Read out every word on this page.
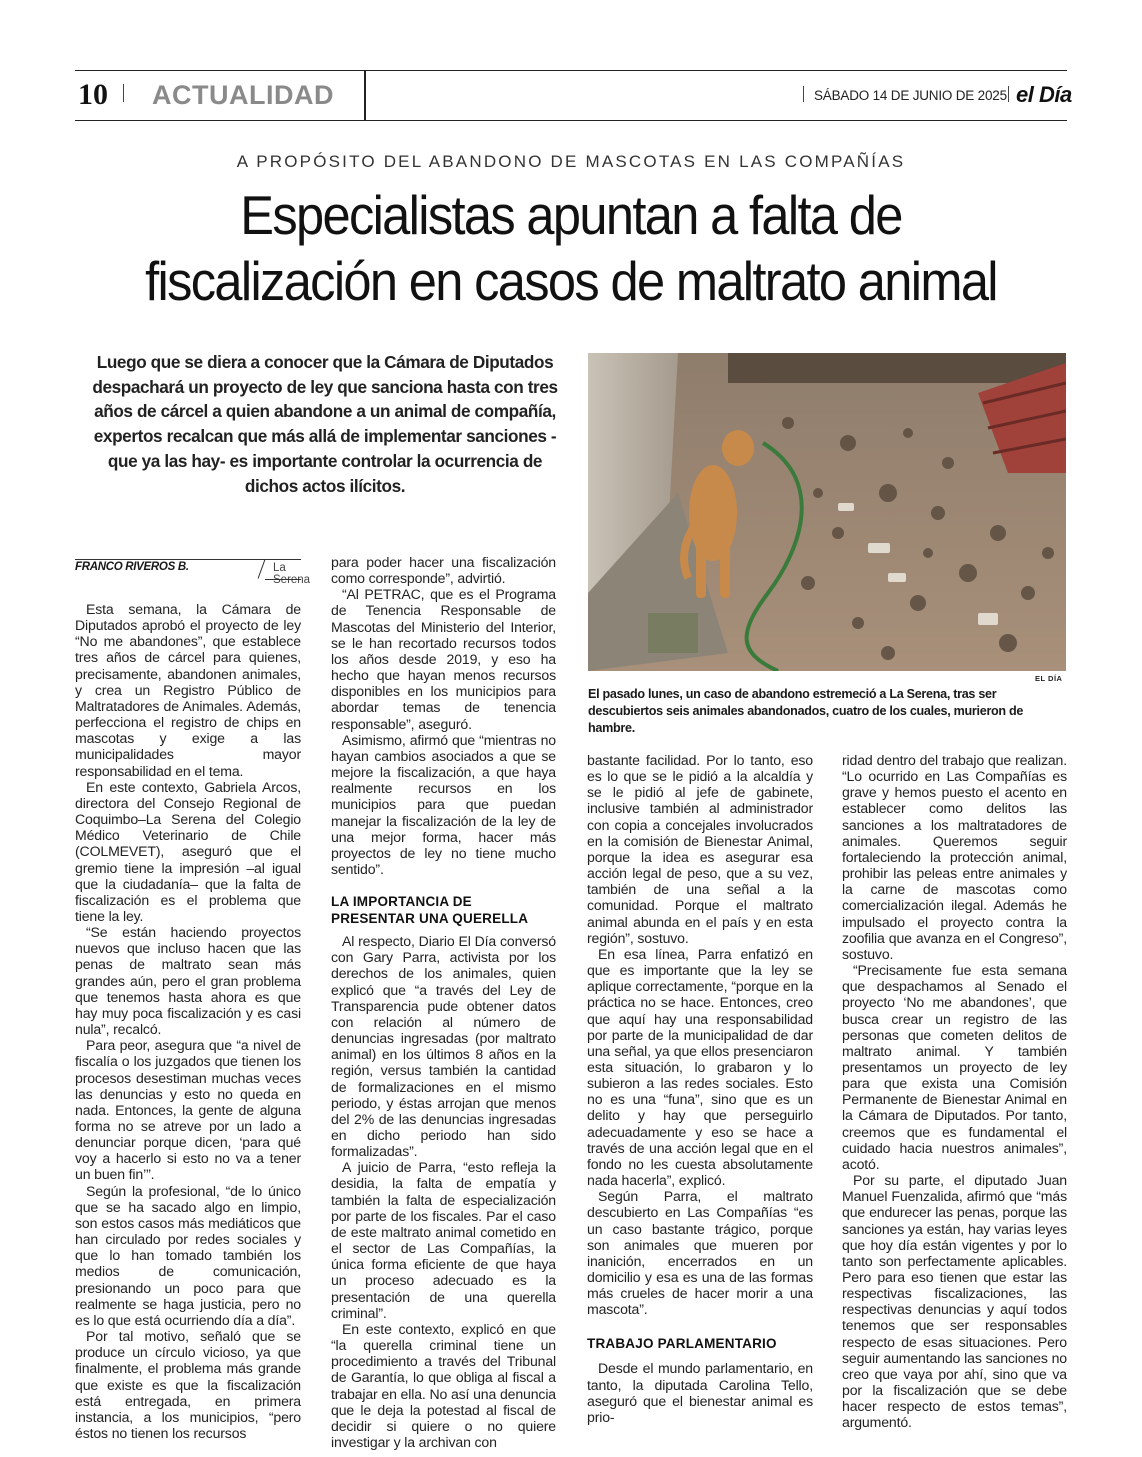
10 ACTUALIDAD	SÁBADO 14 DE JUNIO DE 2025 el Día
A PROPÓSITO DEL ABANDONO DE MASCOTAS EN LAS COMPAÑÍAS
Especialistas apuntan a falta de
fiscalización en casos de maltrato animal
Luego que se diera a conocer que la Cámara de Diputados despachará un proyecto de ley que sanciona hasta con tres años de cárcel a quien abandone a un animal de compañía, expertos recalcan que más allá de implementar sanciones -que ya las hay- es importante controlar la ocurrencia de dichos actos ilícitos.
EL DÍA
El pasado lunes, un caso de abandono estremeció a La Serena, tras ser descubiertos seis animales abandonados, cuatro de los cuales, murieron de hambre.
FRANCO RIVEROS B.	La Serena

Esta semana, la Cámara de Diputados aprobó el proyecto de ley “No me abandones”, que establece tres años de cárcel para quienes, precisamente, abandonen animales, y crea un Registro Público de Maltratadores de Animales. Además, perfecciona el registro de chips en mascotas y exige a las municipalidades mayor responsabilidad en el tema.

En este contexto, Gabriela Arcos, directora del Consejo Regional de Coquimbo–La Serena del Colegio Médico Veterinario de Chile (COLMEVET), aseguró que el gremio tiene la impresión –al igual que la ciudadanía– que la falta de fiscalización es el problema que tiene la ley.

“Se están haciendo proyectos nuevos que incluso hacen que las penas de maltrato sean más grandes aún, pero el gran problema que tenemos hasta ahora es que hay muy poca fiscalización y es casi nula”, recalcó.

Para peor, asegura que “a nivel de fiscalía o los juzgados que tienen los procesos desestiman muchas veces las denuncias y esto no queda en nada. Entonces, la gente de alguna forma no se atreve por un lado a denunciar porque dicen, ‘para qué voy a hacerlo si esto no va a tener un buen fin’”.

Según la profesional, “de lo único que se ha sacado algo en limpio, son estos casos más mediáticos que han circulado por redes sociales y que lo han tomado también los medios de comunicación, presionando un poco para que realmente se haga justicia, pero no es lo que está ocurriendo día a día”.

Por tal motivo, señaló que se produce un círculo vicioso, ya que finalmente, el problema más grande que existe es que la fiscalización está entregada, en primera instancia, a los municipios, “pero éstos no tienen los recursos

para poder hacer una fiscalización como corresponde”, advirtió.

“Al PETRAC, que es el Programa de Tenencia Responsable de Mascotas del Ministerio del Interior, se le han recortado recursos todos los años desde 2019, y eso ha hecho que hayan menos recursos disponibles en los municipios para abordar temas de tenencia responsable”, aseguró.

Asimismo, afirmó que “mientras no hayan cambios asociados a que se mejore la fiscalización, a que haya realmente recursos en los municipios para que puedan manejar la fiscalización de la ley de una mejor forma, hacer más proyectos de ley no tiene mucho sentido”.

LA IMPORTANCIA DE
PRESENTAR UNA QUERELLA

Al respecto, Diario El Día conversó con Gary Parra, activista por los derechos de los animales, quien explicó que “a través del Ley de Transparencia pude obtener datos con relación al número de denuncias ingresadas (por maltrato animal) en los últimos 8 años en la región, versus también la cantidad de formalizaciones en el mismo periodo, y éstas arrojan que menos del 2% de las denuncias ingresadas en dicho periodo han sido formalizadas”.

A juicio de Parra, “esto refleja la desidia, la falta de empatía y también la falta de especialización por parte de los fiscales. Par el caso de este maltrato animal cometido en el sector de Las Compañías, la única forma eficiente de que haya un proceso adecuado es la presentación de una querella criminal”.

En este contexto, explicó en que “la querella criminal tiene un procedimiento a través del Tribunal de Garantía, lo que obliga al fiscal a trabajar en ella. No así una denuncia que le deja la potestad al fiscal de decidir si quiere o no quiere investigar y la archivan con

bastante facilidad. Por lo tanto, eso es lo que se le pidió a la alcaldía y se le pidió al jefe de gabinete, inclusive también al administrador con copia a concejales involucrados en la comisión de Bienestar Animal, porque la idea es asegurar esa acción legal de peso, que a su vez, también de una señal a la comunidad. Porque el maltrato animal abunda en el país y en esta región”, sostuvo.

En esa línea, Parra enfatizó en que es importante que la ley se aplique correctamente, “porque en la práctica no se hace. Entonces, creo que aquí hay una responsabilidad por parte de la municipalidad de dar una señal, ya que ellos presenciaron esta situación, lo grabaron y lo subieron a las redes sociales. Esto no es una “funa”, sino que es un delito y hay que perseguirlo adecuadamente y eso se hace a través de una acción legal que en el fondo no les cuesta absolutamente nada hacerla”, explicó.

Según Parra, el maltrato descubierto en Las Compañías “es un caso bastante trágico, porque son animales que mueren por inanición, encerrados en un domicilio y esa es una de las formas más crueles de hacer morir a una mascota”.

TRABAJO PARLAMENTARIO

Desde el mundo parlamentario, en tanto, la diputada Carolina Tello, aseguró que el bienestar animal es prio-

ridad dentro del trabajo que realizan. “Lo ocurrido en Las Compañías es grave y hemos puesto el acento en establecer como delitos las sanciones a los maltratadores de animales. Queremos seguir fortaleciendo la protección animal, prohibir las peleas entre animales y la carne de mascotas como comercialización ilegal. Además he impulsado el proyecto contra la zoofilia que avanza en el Congreso”, sostuvo.

“Precisamente fue esta semana que despachamos al Senado el proyecto ‘No me abandones’, que busca crear un registro de las personas que cometen delitos de maltrato animal. Y también presentamos un proyecto de ley para que exista una Comisión Permanente de Bienestar Animal en la Cámara de Diputados. Por tanto, creemos que es fundamental el cuidado hacia nuestros animales”, acotó.

Por su parte, el diputado Juan Manuel Fuenzalida, afirmó que “más que endurecer las penas, porque las sanciones ya están, hay varias leyes que hoy día están vigentes y por lo tanto son perfectamente aplicables. Pero para eso tienen que estar las respectivas fiscalizaciones, las respectivas denuncias y aquí todos tenemos que ser responsables respecto de esas situaciones. Pero seguir aumentando las sanciones no creo que vaya por ahí, sino que va por la fiscalización que se debe hacer respecto de estos temas”, argumentó.
